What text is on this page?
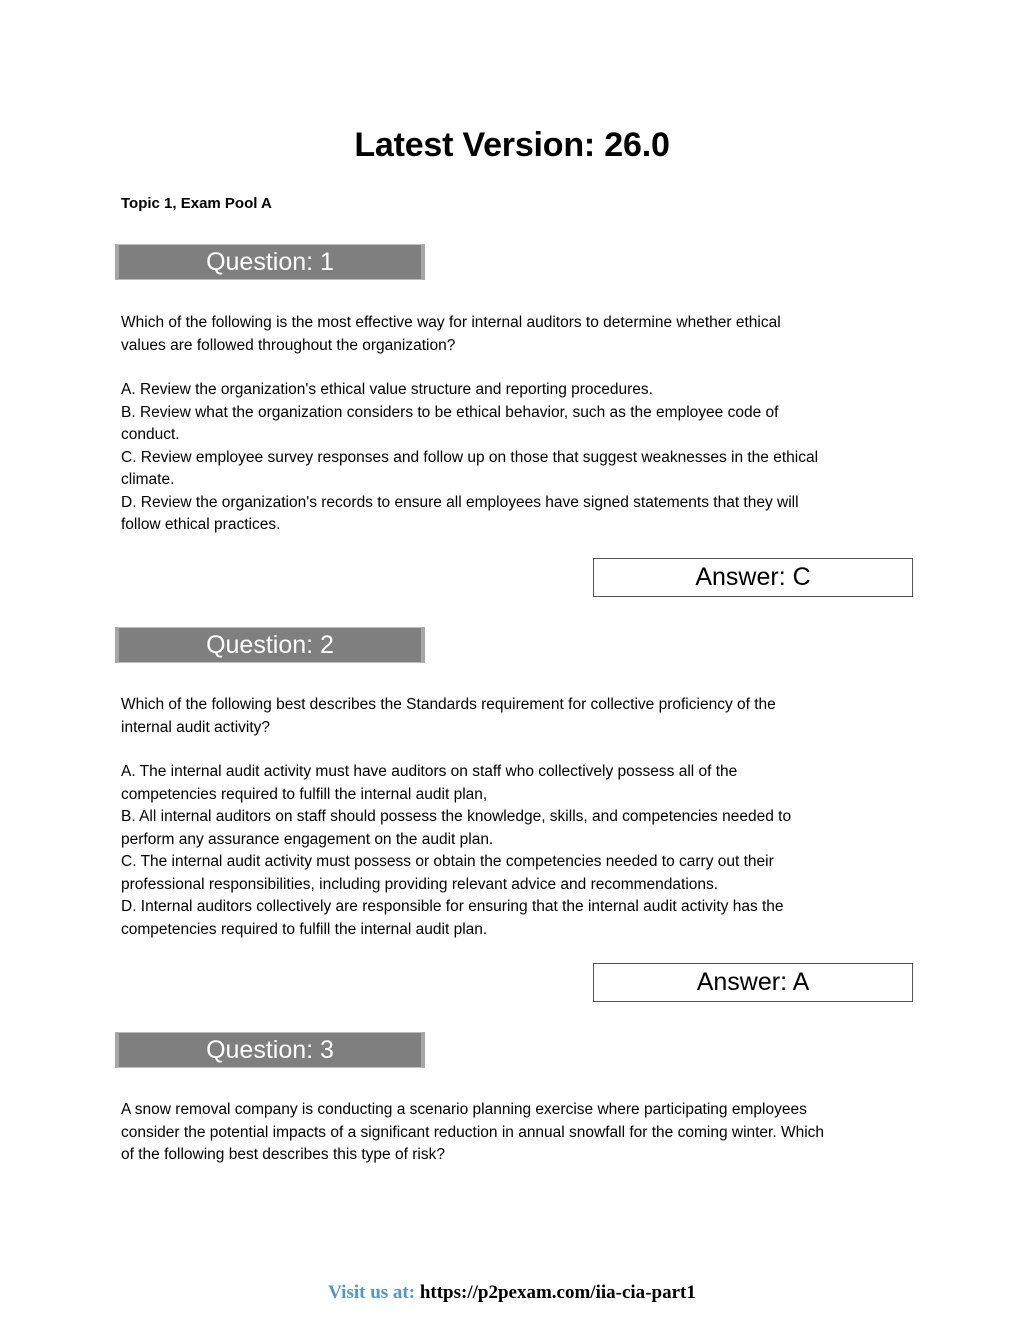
Latest Version: 26.0
Topic 1, Exam Pool A
Question: 1

Which of the following is the most effective way for internal auditors to determine whether ethical

values are followed throughout the organization?

A. Review the organization's ethical value structure and reporting procedures.
B. Review what the organization considers to be ethical behavior, such as the employee code of
conduct.
C. Review employee survey responses and follow up on those that suggest weaknesses in the ethical
climate.
D. Review the organization's records to ensure all employees have signed statements that they will
follow ethical practices.
Answer: C
Question: 2

Which of the following best describes the Standards requirement for collective proficiency of the

internal audit activity?

A. The internal audit activity must have auditors on staff who collectively possess all of the
competencies required to fulfill the internal audit plan,
B. All internal auditors on staff should possess the knowledge, skills, and competencies needed to
perform any assurance engagement on the audit plan.
C. The internal audit activity must possess or obtain the competencies needed to carry out their
professional responsibilities, including providing relevant advice and recommendations.
D. Internal auditors collectively are responsible for ensuring that the internal audit activity has the
competencies required to fulfill the internal audit plan.
Answer: A
Question: 3

A snow removal company is conducting a scenario planning exercise where participating employees

consider the potential impacts of a significant reduction in annual snowfall for the coming winter. Which

of the following best describes this type of risk?

Visit us at: https://p2pexam.com/iia-cia-part1
